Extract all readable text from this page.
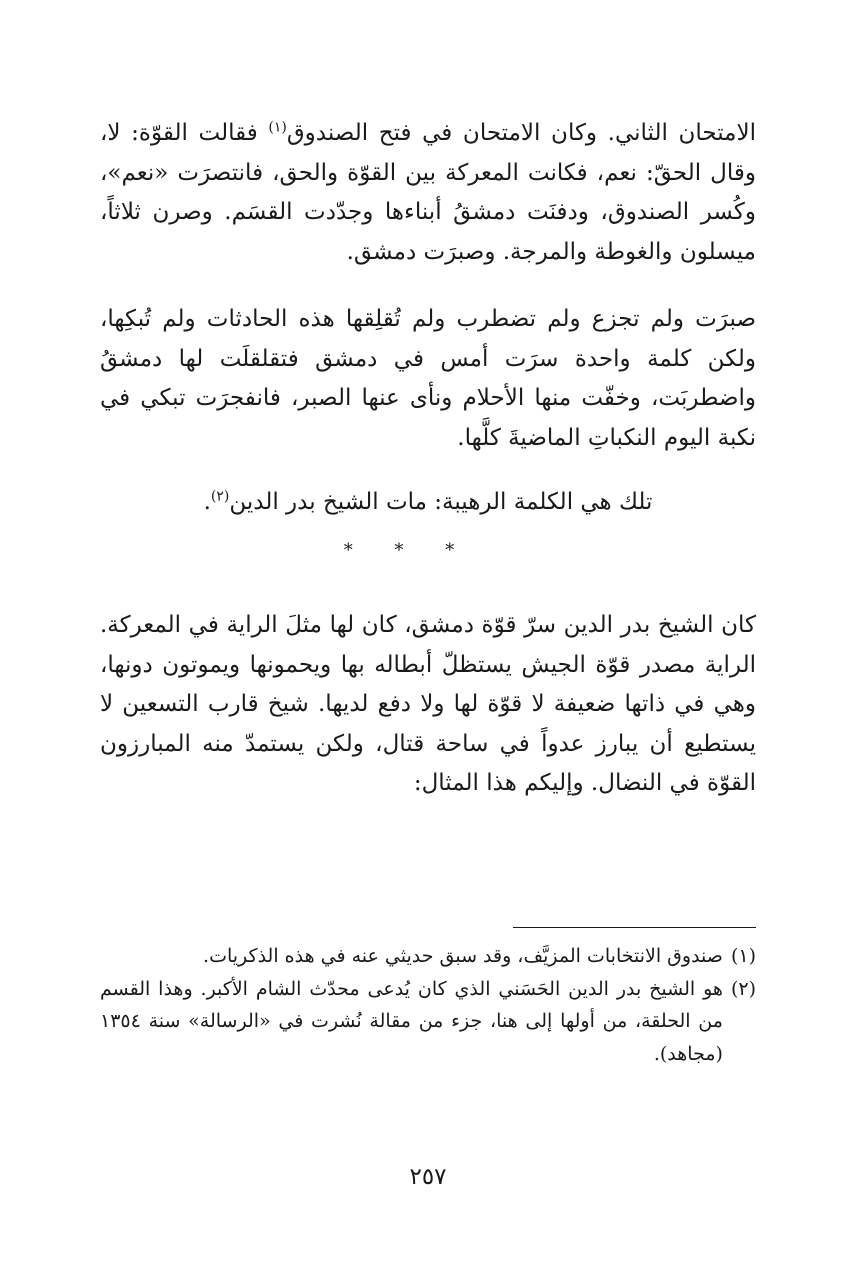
الامتحان الثاني. وكان الامتحان في فتح الصندوق$^{(١)}$ فقالت القوّة: لا، وقال الحقّ: نعم، فكانت المعركة بين القوّة والحق، فانتصرَت «نعم»، وكُسر الصندوق، ودفنَت دمشقُ أبناءها وجدّدت القسَم. وصرن ثلاثاً، ميسلون والغوطة والمرجة. وصبرَت دمشق.

صبرَت ولم تجزع ولم تضطرب ولم تُقلِقها هذه الحادثات ولم تُبكِها، ولكن كلمة واحدة سرَت أمس في دمشق فتقلقلَت لها دمشقُ واضطربَت، وخفّت منها الأحلام ونأى عنها الصبر، فانفجرَت تبكي في نكبة اليوم النكباتِ الماضيةَ كلَّها.

تلك هي الكلمة الرهيبة: مات الشيخ بدر الدين$^{(٢)}$.

* * *

كان الشيخ بدر الدين سرّ قوّة دمشق، كان لها مثلَ الراية في المعركة. الراية مصدر قوّة الجيش يستظلّ أبطاله بها ويحمونها ويموتون دونها، وهي في ذاتها ضعيفة لا قوّة لها ولا دفع لديها. شيخ قارب التسعين لا يستطيع أن يبارز عدواً في ساحة قتال، ولكن يستمدّ منه المبارزون القوّة في النضال. وإليكم هذا المثال:

(١)
صندوق الانتخابات المزيَّف، وقد سبق حديثي عنه في هذه الذكريات.
(٢)
هو الشيخ بدر الدين الحَسَني الذي كان يُدعى محدّث الشام الأكبر. وهذا القسم من الحلقة، من أولها إلى هنا، جزء من مقالة نُشرت في «الرسالة» سنة ١٣٥٤ (مجاهد).
٢٥٧
